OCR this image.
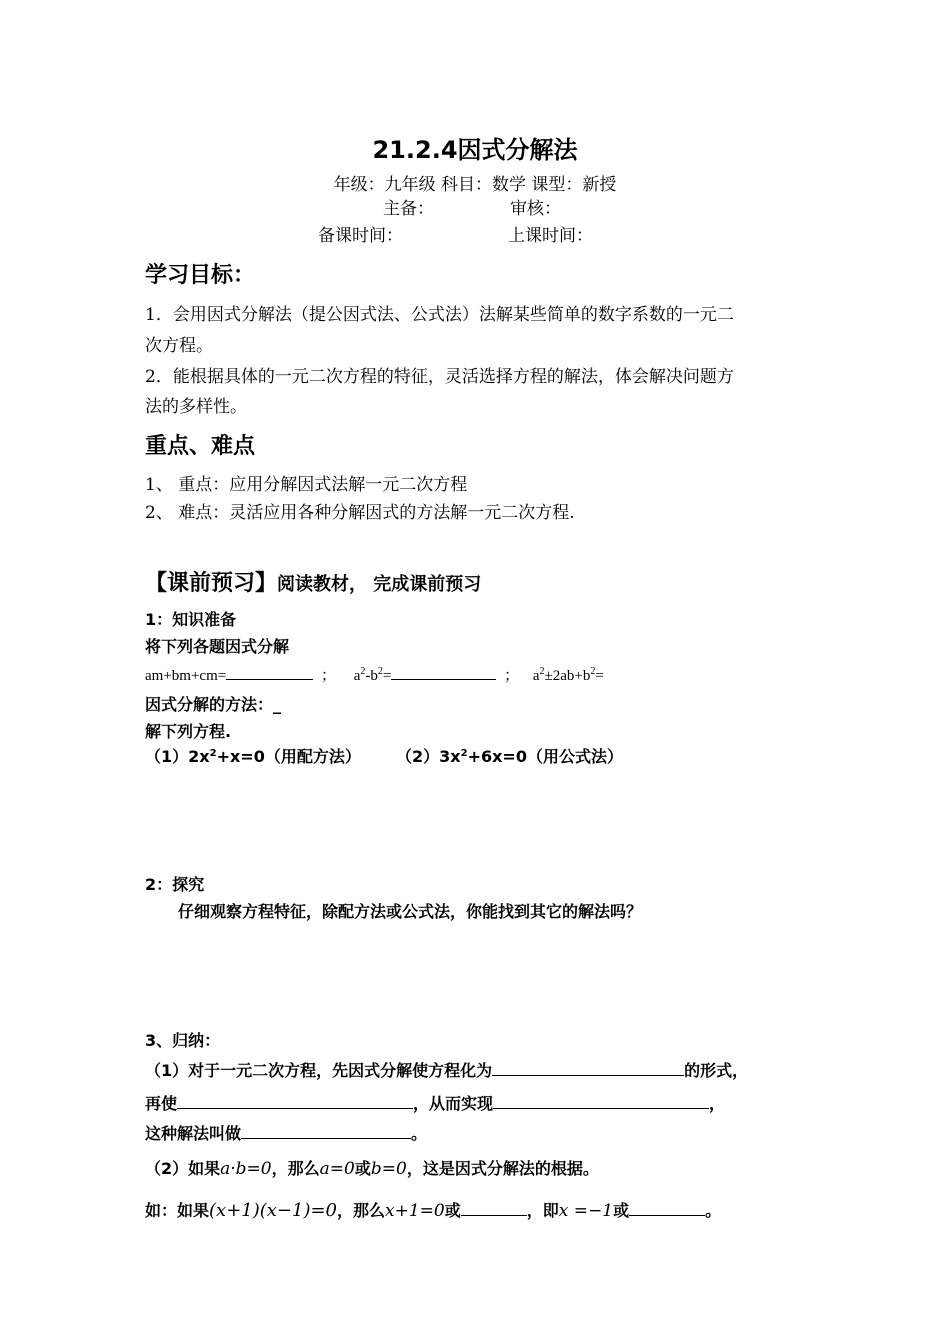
21.2.4因式分解法
年级：九年级 科目：数学 课型：新授
主备：	审核：
备课时间：	上课时间：
学习目标：
1．会用因式分解法（提公因式法、公式法）法解某些简单的数字系数的一元二
次方程。
2．能根据具体的一元二次方程的特征，灵活选择方程的解法，体会解决问题方
法的多样性。
重点、难点
1、 重点：应用分解因式法解一元二次方程
2、 难点：灵活应用各种分解因式的方法解一元二次方程.
【课前预习】阅读教材， 完成课前预习
1：知识准备
将下列各题因式分解
am+bm+cm=	； $a^2-b^2=$	； $a^2\pm 2ab+b^2=$
因式分解的方法：_
解下列方程.
$(1)2x^2+x=0$（用配方法） $(2)3x^2+6x=0$（用公式法）
2：探究
仔细观察方程特征，除配方法或公式法，你能找到其它的解法吗？
3、归纳：
（1）对于一元二次方程，先因式分解使方程化为	的形式，
再使	，从而实现	，
这种解法叫做	。
（2）如果a·b=0，那么a=0或b=0，这是因式分解法的根据。
如：如果(x+1)(x−1)=0，那么x+1=0或	，即x =−1或	。
